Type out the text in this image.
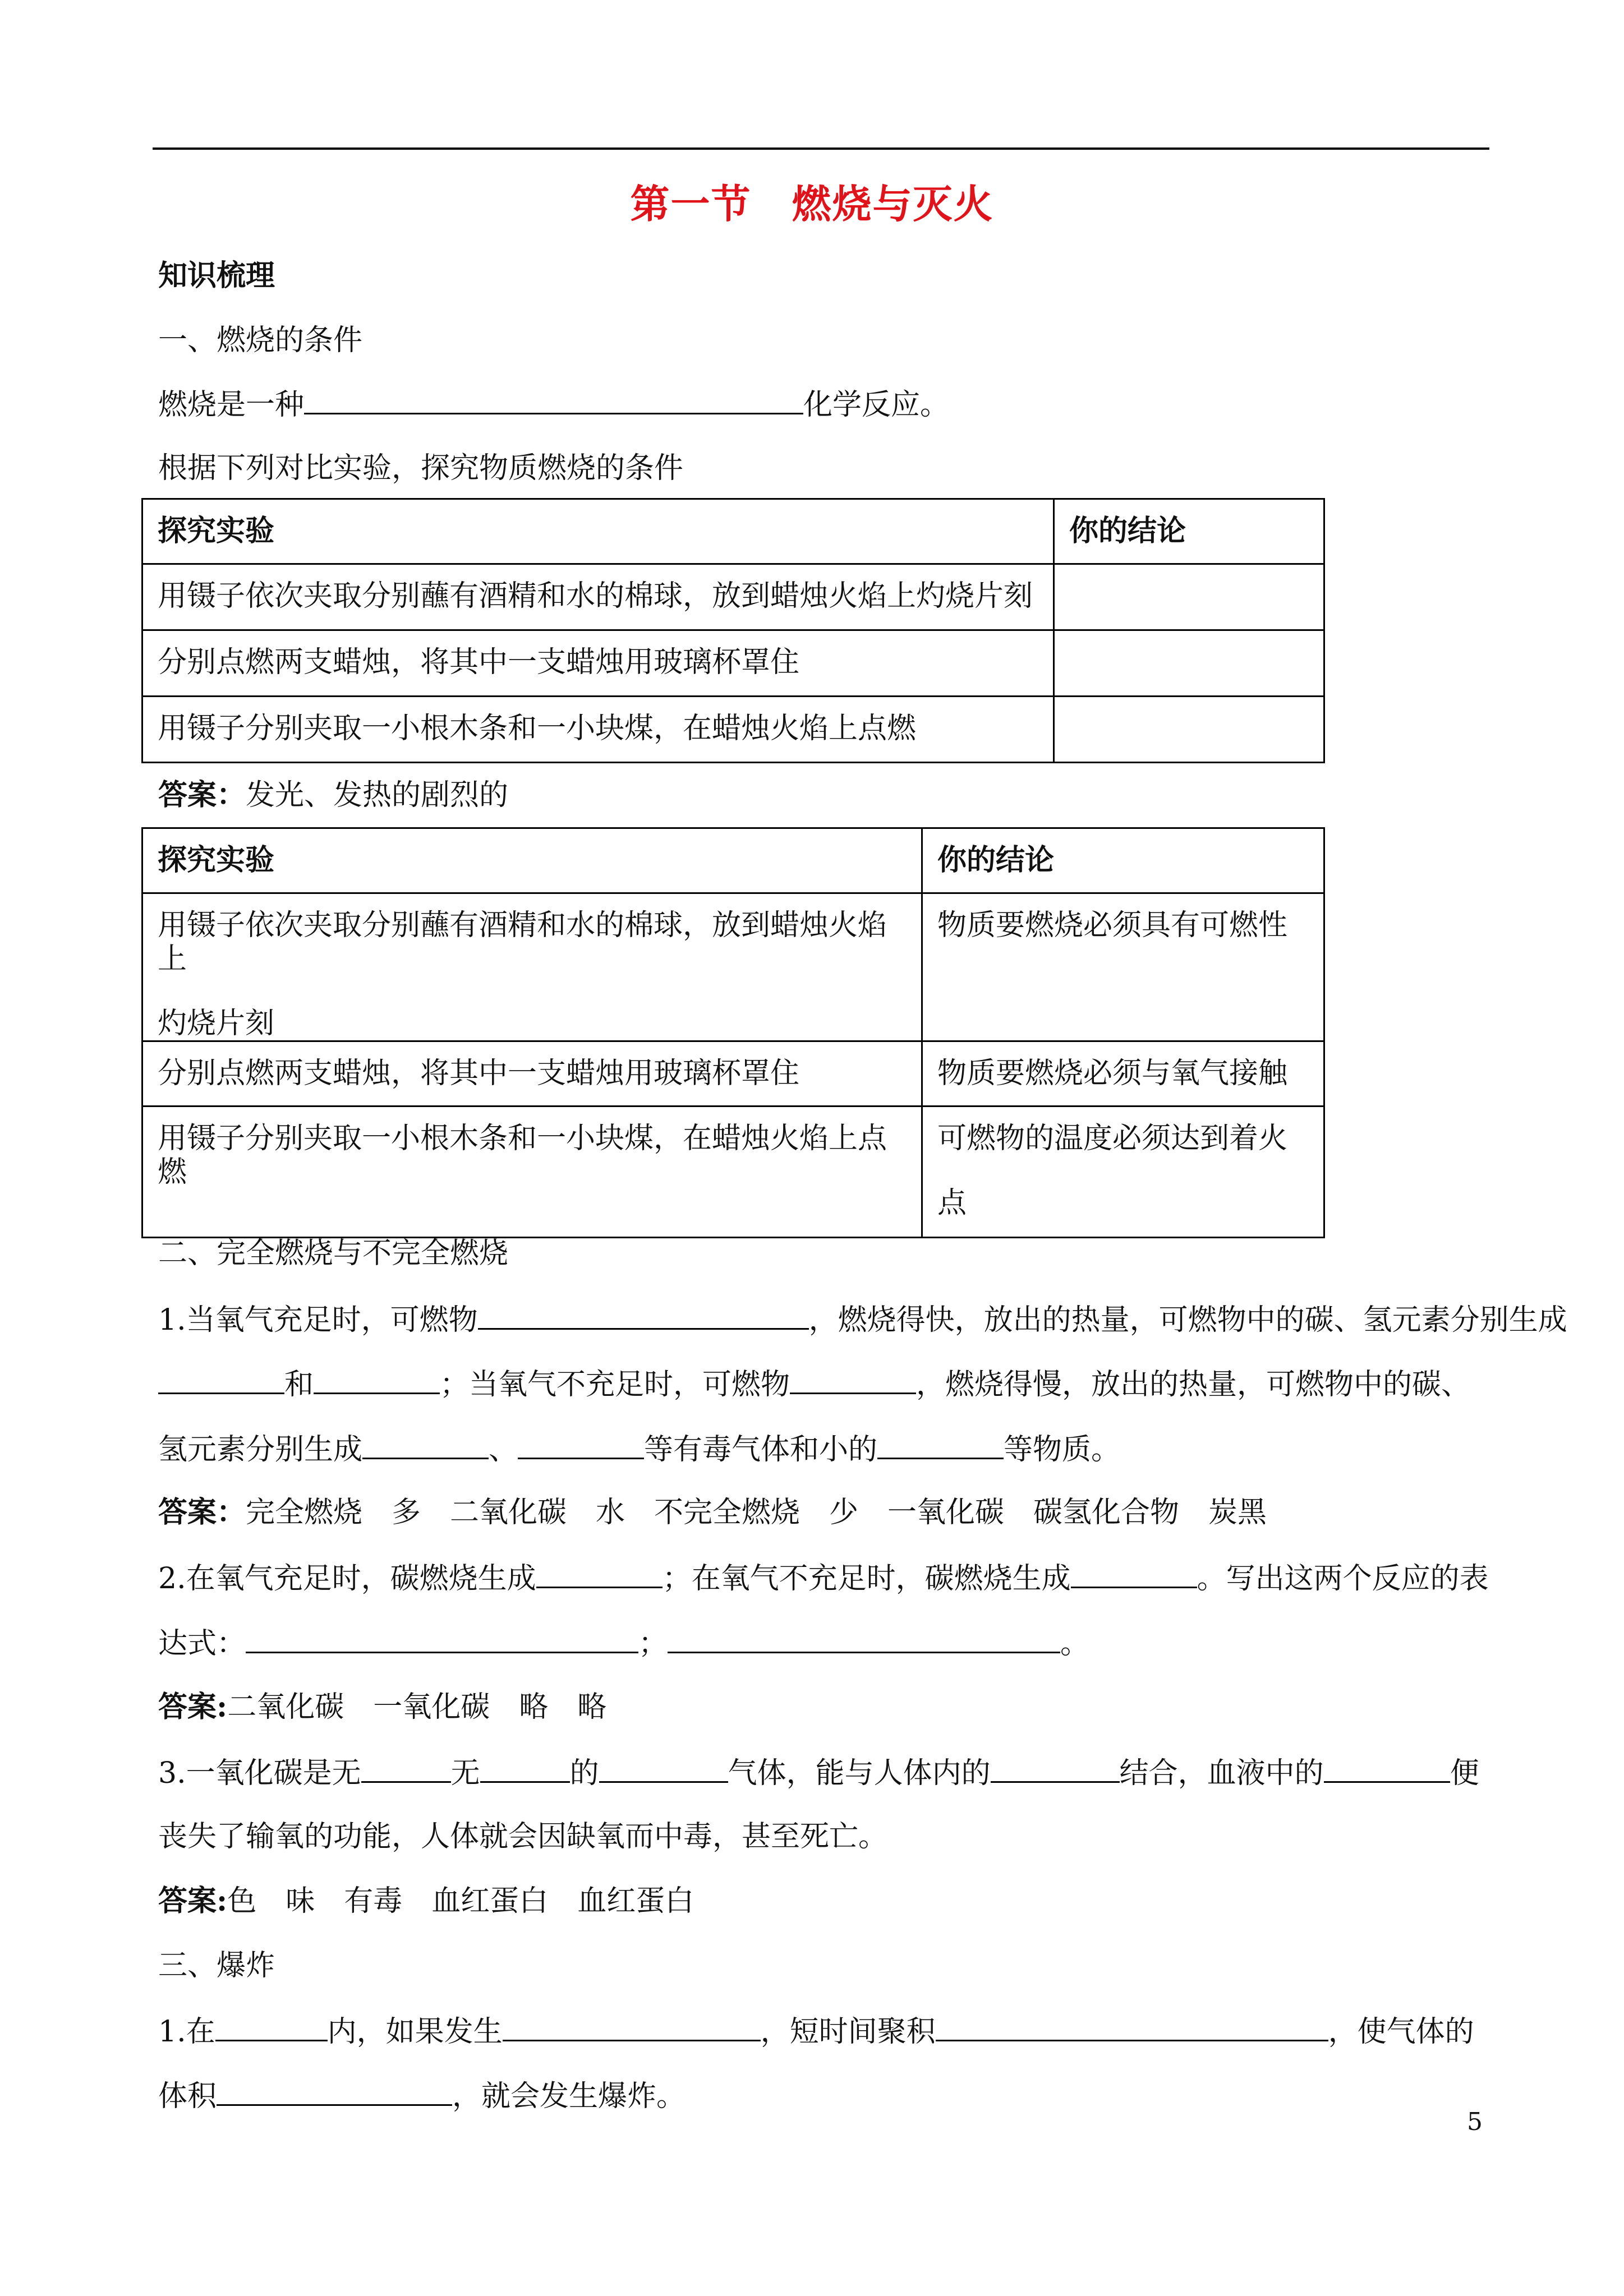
第一节　燃烧与灭火
知识梳理
一、燃烧的条件
燃烧是一种	化学反应。
根据下列对比实验，探究物质燃烧的条件
探究实验	你的结论
用镊子依次夹取分别蘸有酒精和水的棉球，放到蜡烛火焰上灼烧片刻	
分别点燃两支蜡烛，将其中一支蜡烛用玻璃杯罩住	
用镊子分别夹取一小根木条和一小块煤，在蜡烛火焰上点燃	
答案：发光、发热的剧烈的
探究实验	你的结论

用镊子依次夹取分别蘸有酒精和水的棉球，放到蜡烛火焰上
灼烧片刻	物质要燃烧必须具有可燃性

分别点燃两支蜡烛，将其中一支蜡烛用玻璃杯罩住	物质要燃烧必须与氧气接触
用镊子分别夹取一小根木条和一小块煤，在蜡烛火焰上点燃	可燃物的温度必须达到着火
点
二、完全燃烧与不完全燃烧
1.当氧气充足时，可燃物	，燃烧得快，放出的热量，可燃物中的碳、氢元素分别生成
和	；当氧气不充足时，可燃物	，燃烧得慢，放出的热量，可燃物中的碳、
氢元素分别生成	、	等有毒气体和小的	等物质。
答案：完全燃烧　多　二氧化碳　水　不完全燃烧　少　一氧化碳　碳氢化合物　炭黑
2.在氧气充足时，碳燃烧生成	；在氧气不充足时，碳燃烧生成	。写出这两个反应的表
达式：	；	。
答案:二氧化碳　一氧化碳　略　略
3.一氧化碳是无	无	的	气体，能与人体内的	结合，血液中的	便
丧失了输氧的功能，人体就会因缺氧而中毒，甚至死亡。
答案:色　味　有毒　血红蛋白　血红蛋白
三、爆炸
1.在	内，如果发生	，短时间聚积	，使气体的
体积	，就会发生爆炸。
5
